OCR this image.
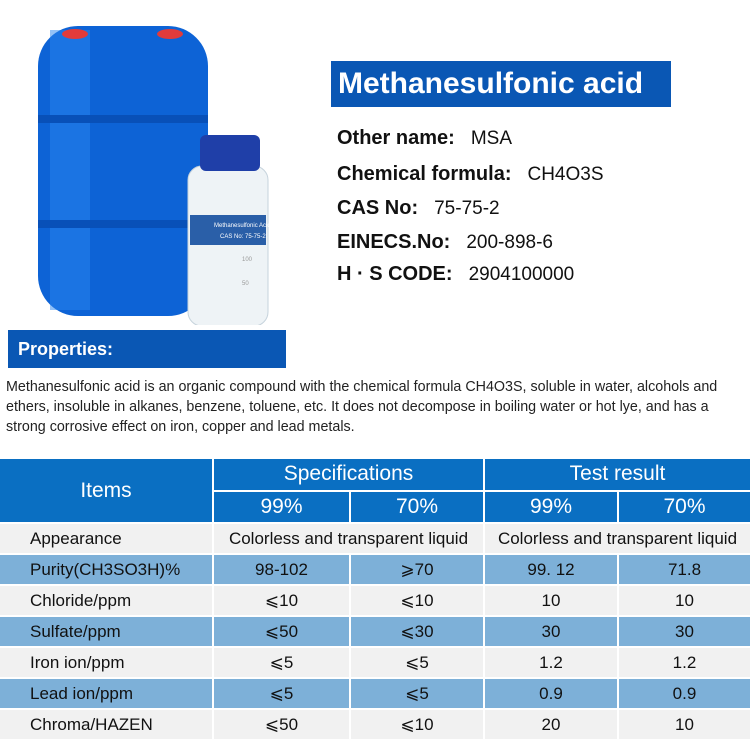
Methanesulfonic Acid
CAS No: 75-75-2
100
50
Methanesulfonic acid
Other name: MSA
Chemical formula: CH4O3S
CAS No: 75-75-2
EINECS.No: 200-898-6
H · S CODE: 2904100000
Properties:
Methanesulfonic acid is an organic compound with the chemical formula CH4O3S, soluble in water, alcohols and ethers, insoluble in alkanes, benzene, toluene, etc. It does not decompose in boiling water or hot lye, and has a strong corrosive effect on iron, copper and lead metals.
Items	Specifications		Test result	
	99%	70%	99%	70%
Appearance	Colorless and transparent liquid		Colorless and transparent liquid	
Purity(CH3SO3H)%	98-102	⩾70	99. 12	71.8
Chloride/ppm	⩽10	⩽10	10	10
Sulfate/ppm	⩽50	⩽30	30	30
Iron ion/ppm	⩽5	⩽5	1.2	1.2
Lead ion/ppm	⩽5	⩽5	0.9	0.9
Chroma/HAZEN	⩽50	⩽10	20	10
